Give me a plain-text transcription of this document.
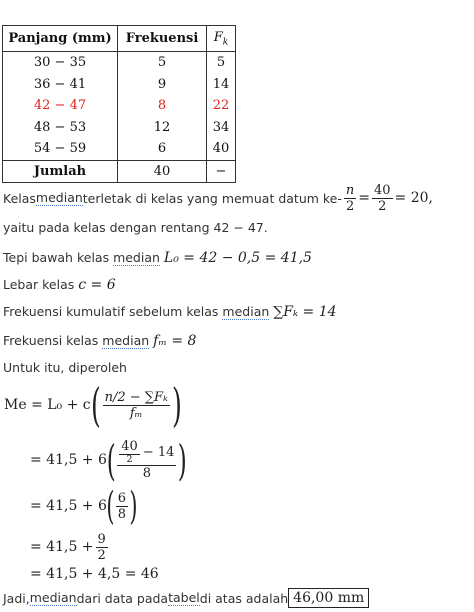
Panjang (mm)	Frekuensi	$F_k$
30 − 35	5	5
36 − 41	9	14
42 − 47	8	22
48 − 53	12	34
54 − 59	6	40
Jumlah	40	−
Kelas median terletak di kelas yang memuat datum $ke- \frac{n}{2} = \frac{40}{2} = 20$,
yaitu pada kelas dengan rentang 42 − 47.
Tepi bawah kelas median L₀ = 42 − 0,5 = 41,5
Lebar kelas c = 6
Frekuensi kumulatif sebelum kelas median ∑Fₖ = 14
Frekuensi kelas median fₘ = 8
Untuk itu, diperoleh
Me = L₀ + c ( $\frac{\text{n/2 − ∑Fₖ}}{\text{fₘ}}$ )
= 41,5 + 6 ( 40
2 − 14
8 )
= 41,5 + 6 ( $\frac{6}{8}$ )
= $41,5 + \frac{9}{2}$
= 41,5 + 4,5 = 46
Jadi, median dari data pada tabel di atas adalah 46,00 mm
